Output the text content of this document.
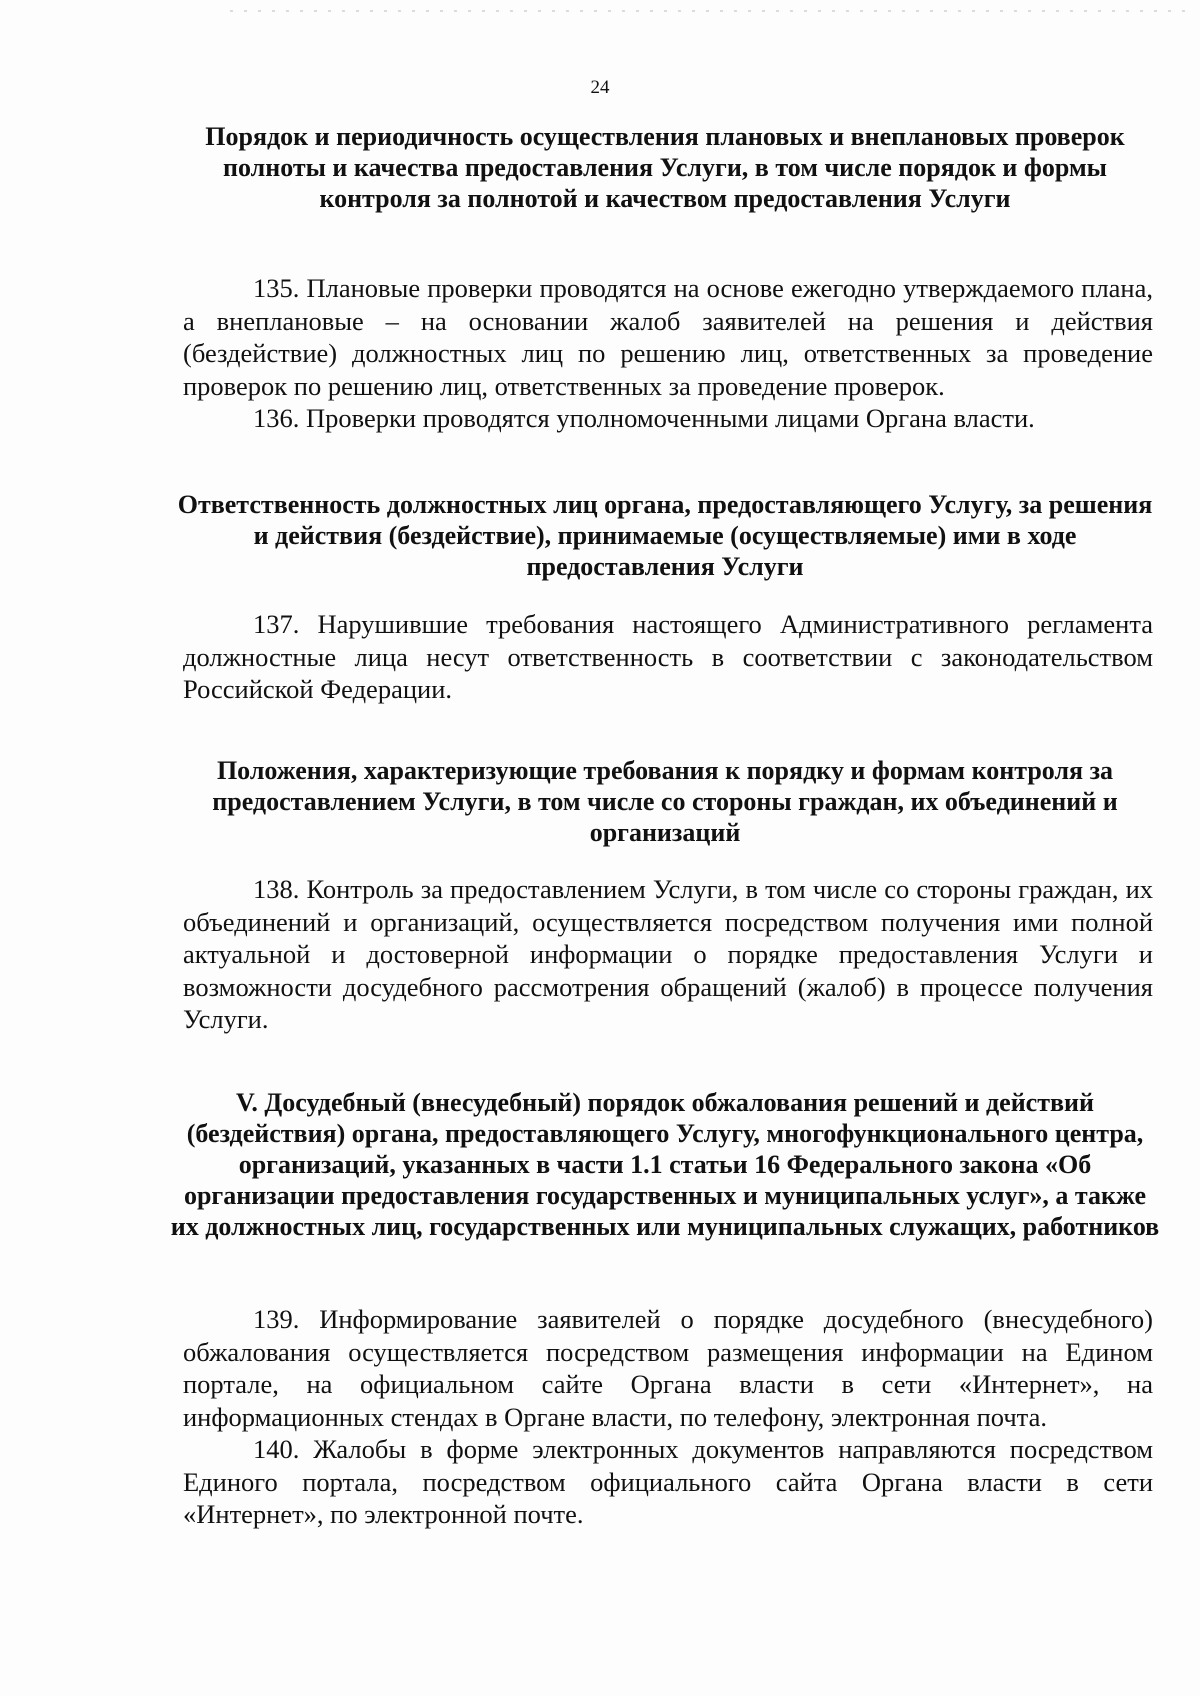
24
Порядок и периодичность осуществления плановых и внеплановых проверок полноты и качества предоставления Услуги, в том числе порядок и формы контроля за полнотой и качеством предоставления Услуги

135. Плановые проверки проводятся на основе ежегодно утверждаемого плана, а внеплановые – на основании жалоб заявителей на решения и действия (бездействие) должностных лиц по решению лиц, ответственных за проведение проверок по решению лиц, ответственных за проведение проверок.

136. Проверки проводятся уполномоченными лицами Органа власти.

Ответственность должностных лиц органа, предоставляющего Услугу, за решения и действия (бездействие), принимаемые (осуществляемые) ими в ходе предоставления Услуги

137. Нарушившие требования настоящего Административного регламента должностные лица несут ответственность в соответствии с законодательством Российской Федерации.

Положения, характеризующие требования к порядку и формам контроля за предоставлением Услуги, в том числе со стороны граждан, их объединений и организаций

138. Контроль за предоставлением Услуги, в том числе со стороны граждан, их объединений и организаций, осуществляется посредством получения ими полной актуальной и достоверной информации о порядке предоставления Услуги и возможности досудебного рассмотрения обращений (жалоб) в процессе получения Услуги.

V. Досудебный (внесудебный) порядок обжалования решений и действий (бездействия) органа, предоставляющего Услугу, многофункционального центра, организаций, указанных в части 1.1 статьи 16 Федерального закона «Об организации предоставления государственных и муниципальных услуг», а также их должностных лиц, государственных или муниципальных служащих, работников

139. Информирование заявителей о порядке досудебного (внесудебного) обжалования осуществляется посредством размещения информации на Едином портале, на официальном сайте Органа власти в сети «Интернет», на информационных стендах в Органе власти, по телефону, электронная почта.

140. Жалобы в форме электронных документов направляются посредством Единого портала, посредством официального сайта Органа власти в сети «Интернет», по электронной почте.
